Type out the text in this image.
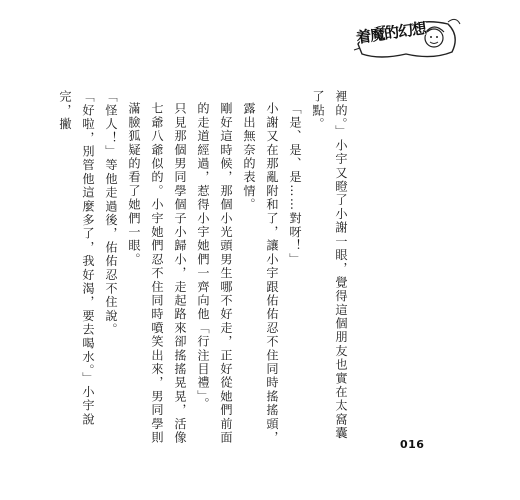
着魔的幻想

裡的。」小宇又瞪了小謝一眼，覺得這個朋友也實在太窩囊了點。

「是、是、是……對呀！」

小謝又在那亂附和了，讓小宇跟佑佑忍不住同時搖搖頭，露出無奈的表情。

剛好這時候，那個小光頭男生哪不好走，正好從她們前面的走道經過，惹得小宇她們一齊向他「行注目禮」。

只見那個男同學個子小歸小，走起路來卻搖搖晃晃，活像七爺八爺似的。小宇她們忍不住同時噴笑出來，男同學則滿臉狐疑的看了她們一眼。

「怪人！」等他走過後，佑佑忍不住說。

「好啦，別管他這麼多了，我好渴，要去喝水。」小宇說完，撇

016
